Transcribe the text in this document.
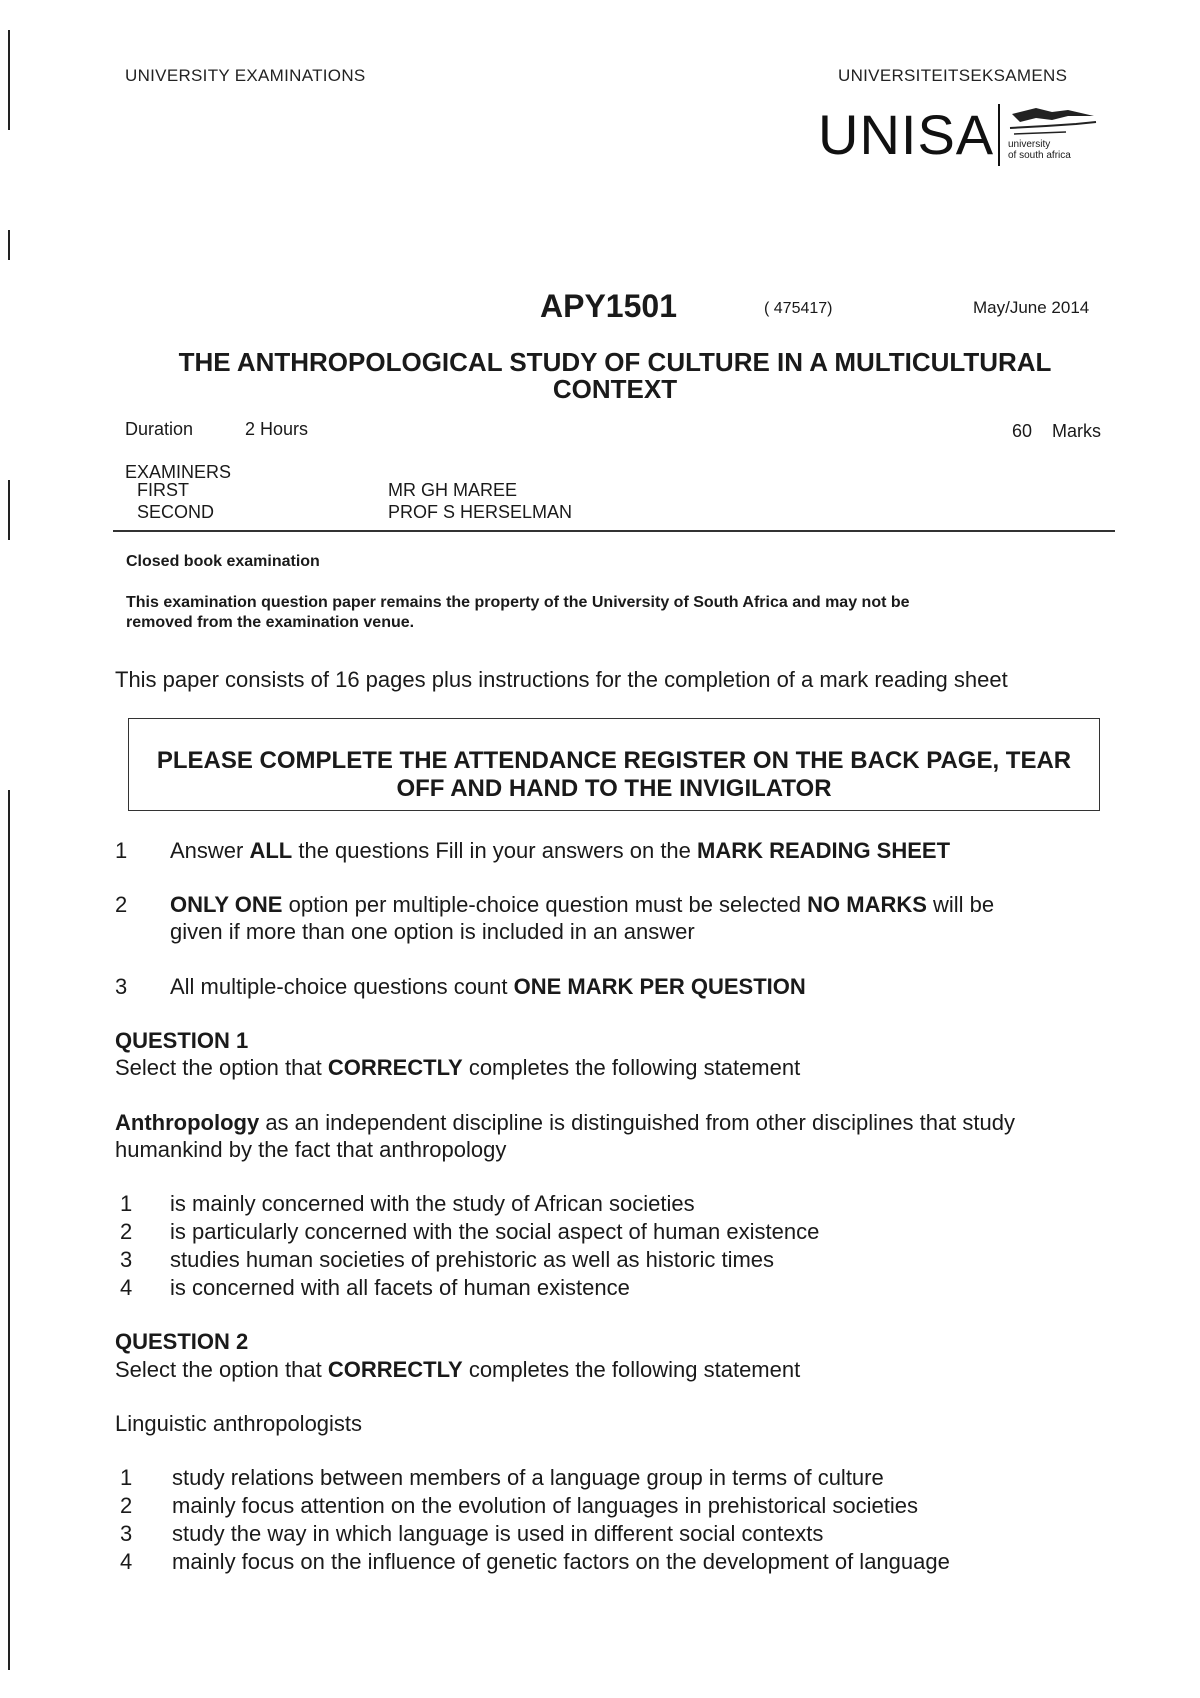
UNIVERSITY EXAMINATIONS	UNIVERSITEITSEKSAMENS
UNISA university
of south africa
APY1501	( 475417)	May/June 2014
THE ANTHROPOLOGICAL STUDY OF CULTURE IN A MULTICULTURAL
CONTEXT
Duration	2 Hours	60 Marks
EXAMINERS
FIRST	MR GH MAREE
SECOND	PROF S HERSELMAN
Closed book examination
This examination question paper remains the property of the University of South Africa and may not be
removed from the examination venue.
This paper consists of 16 pages plus instructions for the completion of a mark reading sheet
PLEASE COMPLETE THE ATTENDANCE REGISTER ON THE BACK PAGE, TEAR
OFF AND HAND TO THE INVIGILATOR
1	Answer ALL the questions Fill in your answers on the MARK READING SHEET
2	ONLY ONE option per multiple-choice question must be selected NO MARKS will be
given if more than one option is included in an answer
3	All multiple-choice questions count ONE MARK PER QUESTION
QUESTION 1
Select the option that CORRECTLY completes the following statement
Anthropology as an independent discipline is distinguished from other disciplines that study
humankind by the fact that anthropology
1	is mainly concerned with the study of African societies
2	is particularly concerned with the social aspect of human existence
3	studies human societies of prehistoric as well as historic times
4	is concerned with all facets of human existence
QUESTION 2
Select the option that CORRECTLY completes the following statement
Linguistic anthropologists
1	study relations between members of a language group in terms of culture
2	mainly focus attention on the evolution of languages in prehistorical societies
3	study the way in which language is used in different social contexts
4	mainly focus on the influence of genetic factors on the development of language
